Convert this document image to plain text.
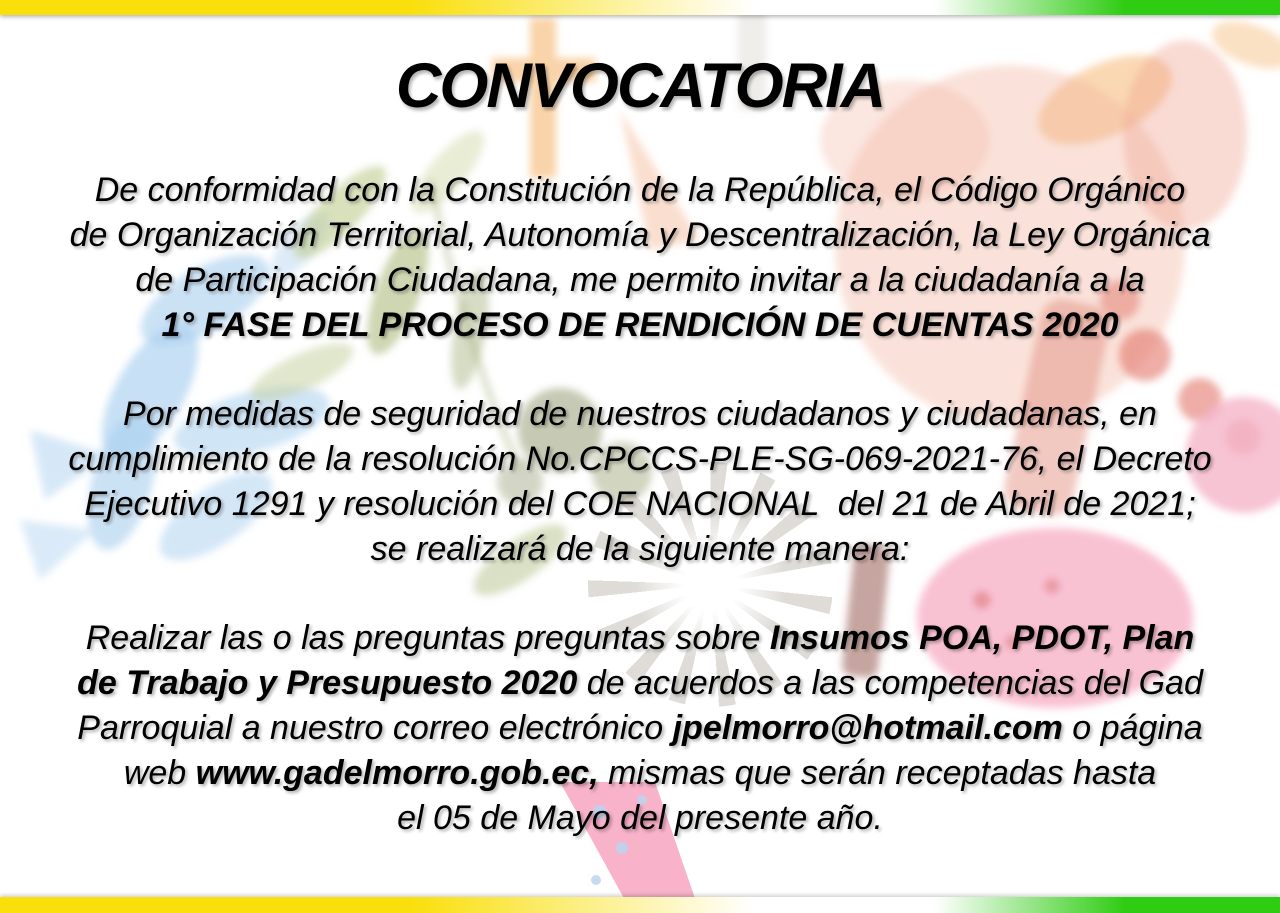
CONVOCATORIA
De conformidad con la Constitución de la República, el Código Orgánico
de Organización Territorial, Autonomía y Descentralización, la Ley Orgánica
de Participación Ciudadana, me permito invitar a la ciudadanía a la
1° FASE DEL PROCESO DE RENDICIÓN DE CUENTAS 2020
Por medidas de seguridad de nuestros ciudadanos y ciudadanas, en
cumplimiento de la resolución No.CPCCS-PLE-SG-069-2021-76, el Decreto
Ejecutivo 1291 y resolución del COE NACIONAL  del 21 de Abril de 2021;
se realizará de la siguiente manera:
Realizar las o las preguntas preguntas sobre Insumos POA, PDOT, Plan
de Trabajo y Presupuesto 2020 de acuerdos a las competencias del Gad
Parroquial a nuestro correo electrónico jpelmorro@hotmail.com o página
web www.gadelmorro.gob.ec, mismas que serán receptadas hasta
el 05 de Mayo del presente año.
